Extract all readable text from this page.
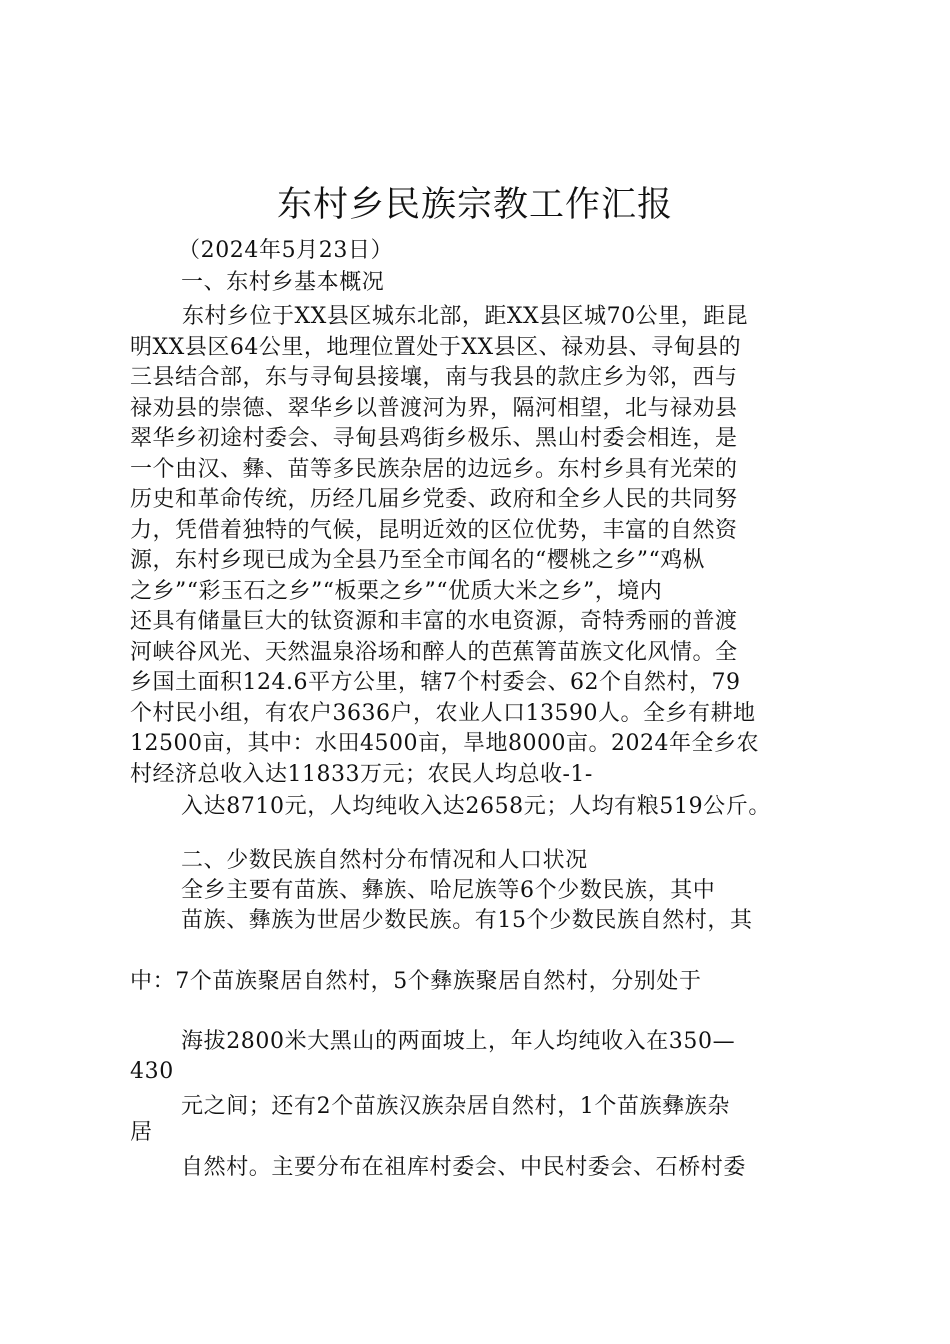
东村乡民族宗教工作汇报
（2024年5月23日）
一、东村乡基本概况
东村乡位于XX县区城东北部，距XX县区城70公里，距昆
明XX县区64公里，地理位置处于XX县区、禄劝县、寻甸县的
三县结合部，东与寻甸县接壤，南与我县的款庄乡为邻，西与
禄劝县的崇德、翠华乡以普渡河为界，隔河相望，北与禄劝县
翠华乡初途村委会、寻甸县鸡街乡极乐、黑山村委会相连，是
一个由汉、彝、苗等多民族杂居的边远乡。东村乡具有光荣的
历史和革命传统，历经几届乡党委、政府和全乡人民的共同努
力，凭借着独特的气候，昆明近效的区位优势，丰富的自然资
源，东村乡现已成为全县乃至全市闻名的“樱桃之乡”“鸡枞
之乡”“彩玉石之乡”“板栗之乡”“优质大米之乡”，境内
还具有储量巨大的钛资源和丰富的水电资源，奇特秀丽的普渡
河峡谷风光、天然温泉浴场和醉人的芭蕉箐苗族文化风情。全
乡国土面积124.6平方公里，辖7个村委会、62个自然村，79
个村民小组，有农户3636户，农业人口13590人。全乡有耕地
12500亩，其中：水田4500亩，旱地8000亩。2024年全乡农
村经济总收入达11833万元；农民人均总收-1-
入达8710元，人均纯收入达2658元；人均有粮519公斤。
二、少数民族自然村分布情况和人口状况
全乡主要有苗族、彝族、哈尼族等6个少数民族，其中
苗族、彝族为世居少数民族。有15个少数民族自然村，其
中：7个苗族聚居自然村，5个彝族聚居自然村，分别处于
海拔2800米大黑山的两面坡上，年人均纯收入在350—
430
元之间；还有2个苗族汉族杂居自然村，1个苗族彝族杂
居
自然村。主要分布在祖库村委会、中民村委会、石桥村委
